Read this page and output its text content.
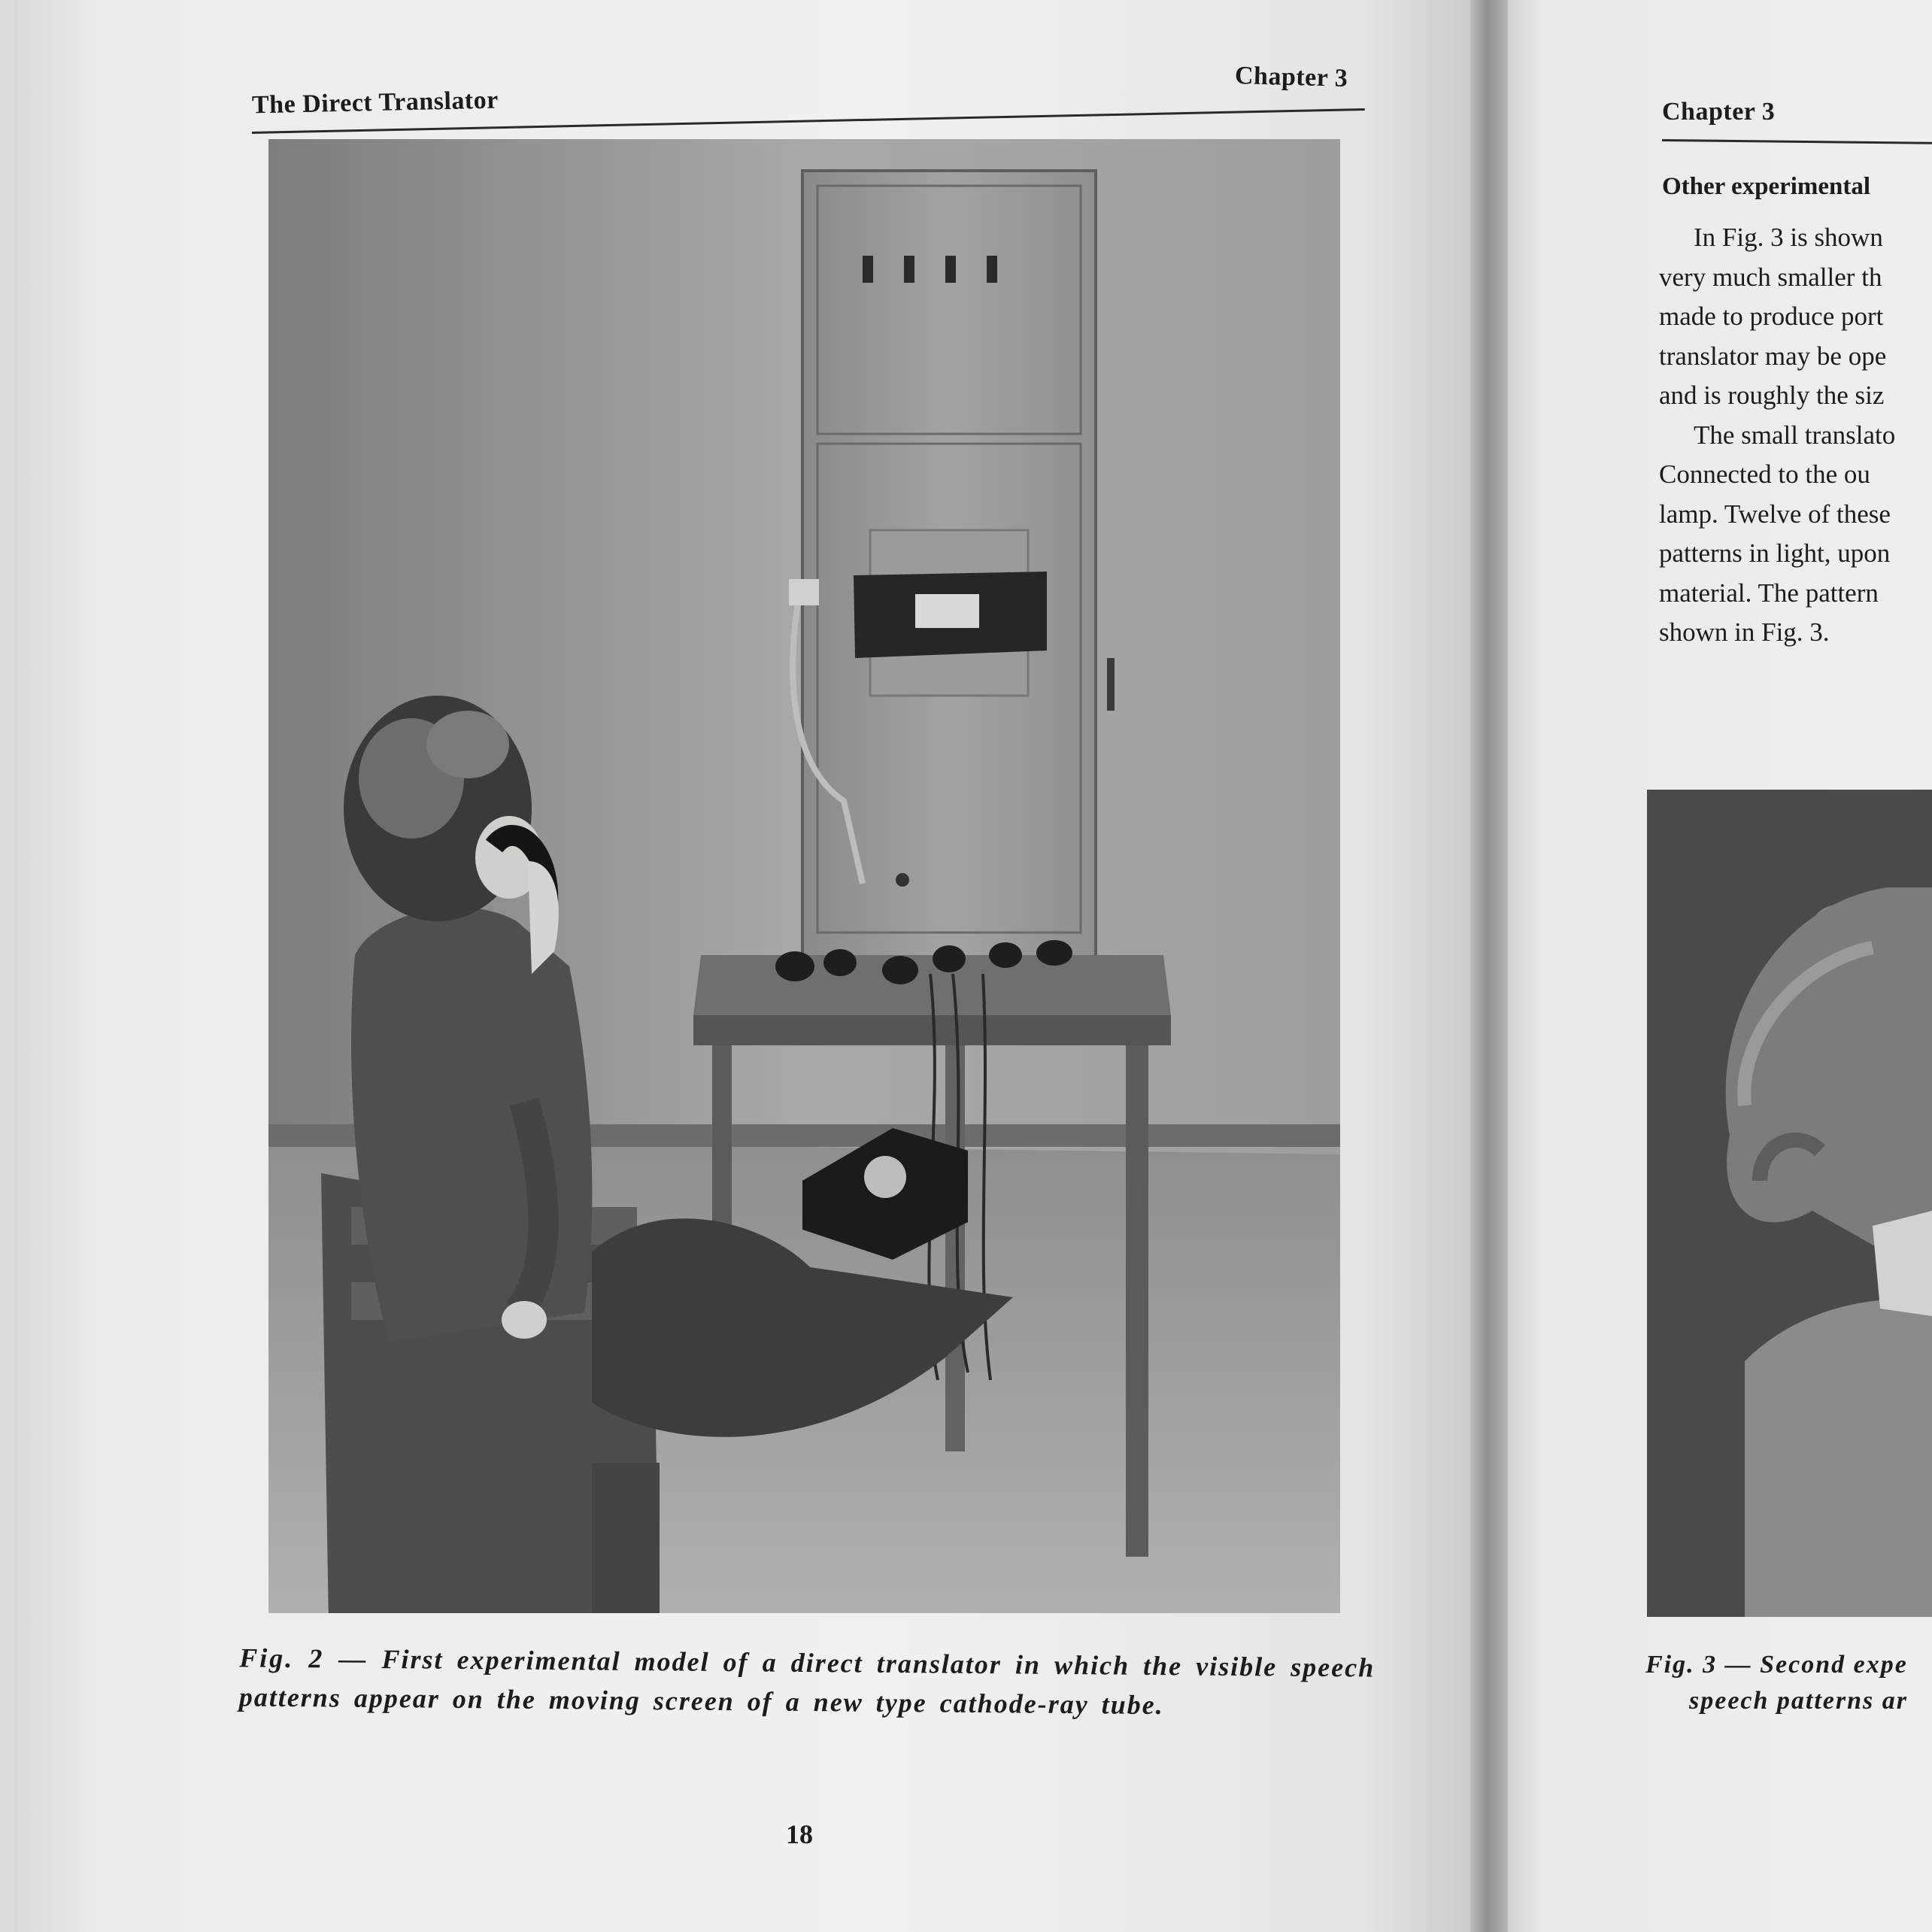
The Direct Translator
Chapter 3
Fig. 2 — First experimental model of a direct translator in which the visible speech patterns appear on the moving screen of a new type cathode-ray tube.
18
Chapter 3
Other experimental

In Fig. 3 is shown

very much smaller th

made to produce port

translator may be ope

and is roughly the siz

The small translato

Connected to the ou

lamp. Twelve of these

patterns in light, upon

material. The pattern

shown in Fig. 3.

Fig. 3 — Second expe
speech patterns ar
